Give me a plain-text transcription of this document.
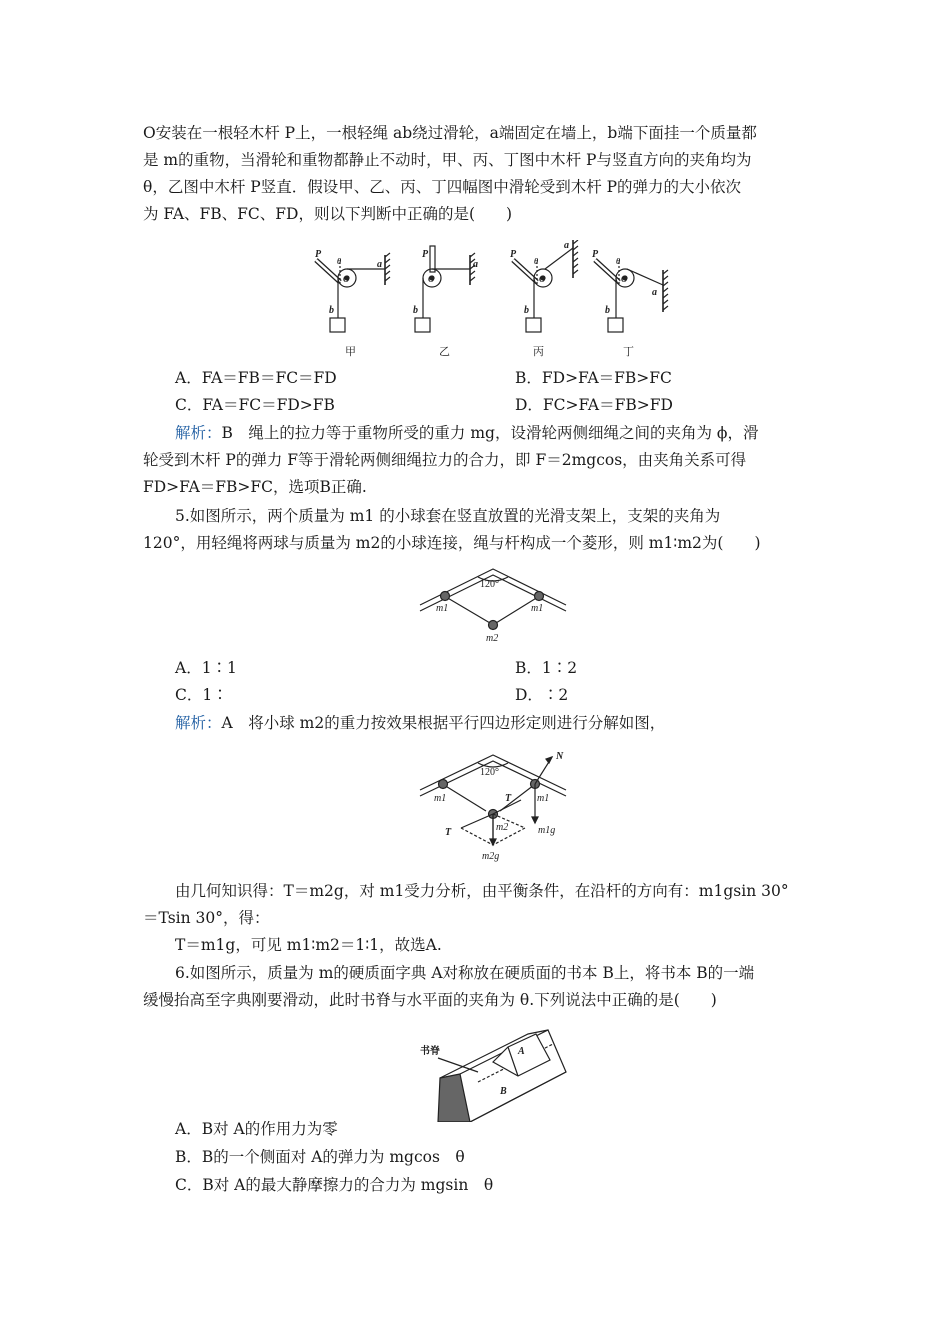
O安装在一根轻木杆 P上，一根轻绳 ab绕过滑轮，a端固定在墙上，b端下面挂一个质量都
是 m的重物，当滑轮和重物都静止不动时，甲、丙、丁图中木杆 P与竖直方向的夹角均为
θ，乙图中木杆 P竖直．假设甲、乙、丙、丁四幅图中滑轮受到木杆 P的弹力的大小依次
为 FA、FB、FC、FD，则以下判断中正确的是(　　)
P
θ
O
a
b
P
O
a
b
P
θ
O
a
b
P
θ
O
a
b
甲	乙	丙	丁
A．FA＝FB＝FC＝FD	B．FD>FA＝FB>FC
C．FA＝FC＝FD>FB	D．FC>FA＝FB>FD
解析：B　绳上的拉力等于重物所受的重力 mg，设滑轮两侧细绳之间的夹角为 ϕ，滑
轮受到木杆 P的弹力 F等于滑轮两侧细绳拉力的合力，即 F＝2mgcos，由夹角关系可得
FD>FA＝FB>FC，选项B正确.
5.如图所示，两个质量为 m1 的小球套在竖直放置的光滑支架上，支架的夹角为
120°，用轻绳将两球与质量为 m2的小球连接，绳与杆构成一个菱形，则 m1∶m2为(　　)
120°
m1	m1
m2
A．1∶1	B．1∶2
C．1∶	D．∶2
解析：A　将小球 m2的重力按效果根据平行四边形定则进行分解如图，
120°
N
T
T
m1	m1
m2	m1g
m2g
由几何知识得：T＝m2g，对 m1受力分析，由平衡条件，在沿杆的方向有：m1gsin 30°
＝Tsin 30°，得：
T＝m1g，可见 m1∶m2＝1∶1，故选A.
6.如图所示，质量为 m的硬质面字典 A对称放在硬质面的书本 B上，将书本 B的一端
缓慢抬高至字典刚要滑动，此时书脊与水平面的夹角为 θ.下列说法中正确的是(　　)
书脊	A
B
A．B对 A的作用力为零
B．B的一个侧面对 A的弹力为 mgcos　θ
C．B对 A的最大静摩擦力的合力为 mgsin　θ
